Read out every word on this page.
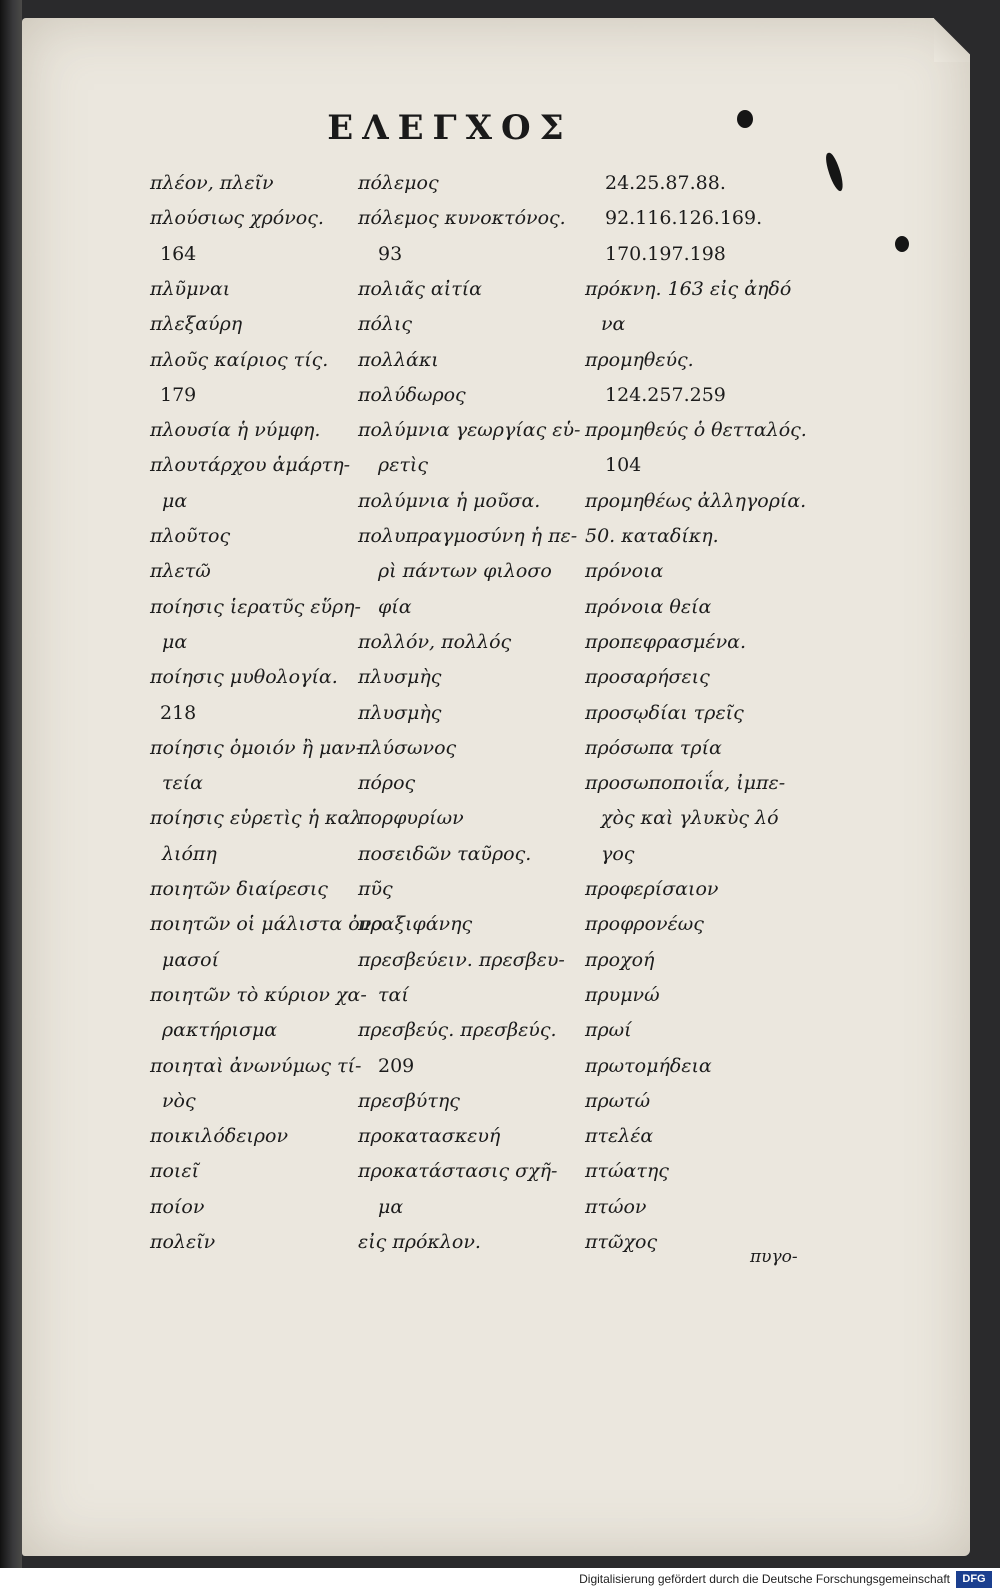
ΕΛΕΓΧΟΣ
πλέον, πλεῖν
πλούσιως χρόνος.
164
πλῦμναι
πλεξαύρη
πλοῦς καίριος τίς.
179
πλουσία ἡ νύμφη.
πλουτάρχου ἁμάρτη-
μα
πλοῦτος
πλετῶ
ποίησις ἱερατῦς εὕρη-
μα
ποίησις μυθολογία.
218
ποίησις ὁμοιόν ἢ μαν-
τεία
ποίησις εὑρετὶς ἡ καλ
λιόπη
ποιητῶν διαίρεσις
ποιητῶν οἱ μάλιστα ὀνο
μασοί
ποιητῶν τὸ κύριον χα-
ρακτήρισμα
ποιηταὶ ἀνωνύμως τί-
νὸς
ποικιλόδειρον
ποιεῖ
ποίον
πολεῖν
πόλεμος
πόλεμος κυνοκτόνος.
93
πολιᾶς αἰτία
πόλις
πολλάκι
πολύδωρος
πολύμνια γεωργίας εὑ-
ρετὶς
πολύμνια ἡ μοῦσα.
πολυπραγμοσύνη ἡ πε-
ρὶ πάντων φιλοσο
φία
πολλόν, πολλός
πλυσμὴς
πλυσμὴς
πλύσωνος
πόρος
πορφυρίων
ποσειδῶν ταῦρος.
πῦς
πραξιφάνης
πρεσβεύειν. πρεσβευ-
ταί
πρεσβεύς. πρεσβεύς.
209
πρεσβύτης
προκατασκευή
προκατάστασις σχῆ-
μα
εἰς πρόκλον.
24.25.87.88.
92.116.126.169.
170.197.198
πρόκνη. 163 εἰς ἀηδό
να
προμηθεύς.
124.257.259
προμηθεύς ὁ θετταλός.
104
προμηθέως ἀλληγορία.
50. καταδίκη.
πρόνοια
πρόνοια θεία
προπεφρασμένα.
προσαρήσεις
προσῳδίαι τρεῖς
πρόσωπα τρία
προσωποποιΐα, ἰμπε-
χὸς καὶ γλυκὺς λό
γος
προφερίσαιον
προφρονέως
προχοή
πρυμνώ
πρωί
πρωτομήδεια
πρωτώ
πτελέα
πτώατης
πτώον
πτῶχος
πυγο-
Digitalisierung gefördert durch die Deutsche Forschungsgemeinschaft	DFG
